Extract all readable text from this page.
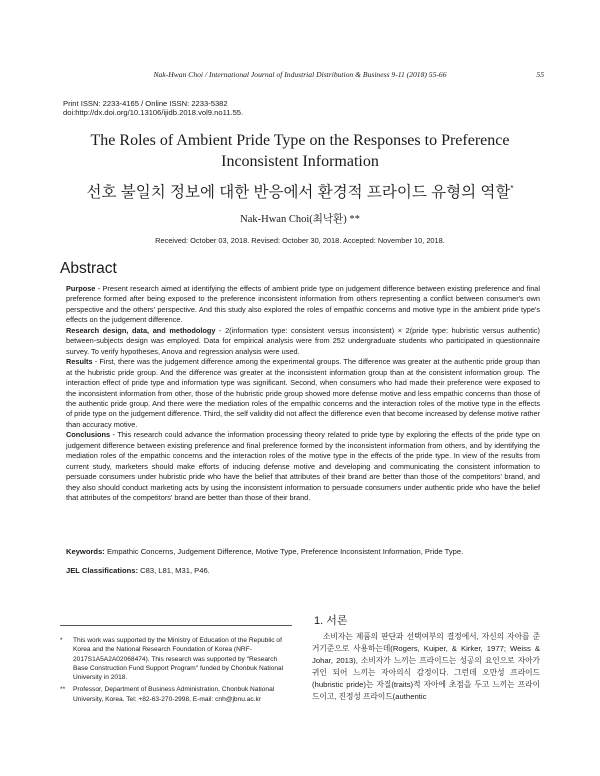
Nak-Hwan Choi / International Journal of Industrial Distribution & Business 9-11 (2018) 55-66	55
Print ISSN: 2233-4165 / Online ISSN: 2233-5382
doi:http://dx.doi.org/10.13106/ijidb.2018.vol9.no11.55.
The Roles of Ambient Pride Type on the Responses to Preference
Inconsistent Information
선호 불일치 정보에 대한 반응에서 환경적 프라이드 유형의 역할*
Nak-Hwan Choi(최낙환) **
Received: October 03, 2018. Revised: October 30, 2018. Accepted: November 10, 2018.
Abstract

Purpose - Present research aimed at identifying the effects of ambient pride type on judgement difference between existing preference and final preference formed after being exposed to the preference inconsistent information from others representing a conflict between consumer's own perspective and the others' perspective. And this study also explored the roles of empathic concerns and motive type in the ambient pride type's effects on the judgement difference.

Research design, data, and methodology - 2(information type: consistent versus inconsistent) × 2(pride type: hubristic versus authentic) between-subjects design was employed. Data for empirical analysis were from 252 undergraduate students who participated in questionnaire survey. To verify hypotheses, Anova and regression analysis were used.

Results - First, there was the judgement difference among the experimental groups. The difference was greater at the authentic pride group than at the hubristic pride group. And the difference was greater at the inconsistent information group than at the consistent information group. The interaction effect of pride type and information type was significant. Second, when consumers who had made their preference were exposed to the inconsistent information from other, those of the hubristic pride group showed more defense motive and less empathic concerns than those of the authentic pride group. And there were the mediation roles of the empathic concerns and the interaction roles of the motive type in the effects of pride type on the judgement difference. Third, the self validity did not affect the difference even that become increased by defense motive rather than accuracy motive.

Conclusions - This research could advance the information processing theory related to pride type by exploring the effects of the pride type on judgement difference between existing preference and final preference formed by the inconsistent information from others, and by identifying the mediation roles of the empathic concerns and the interaction roles of the motive type in the effects of the pride type. In view of the results from current study, marketers should make efforts of inducing defense motive and developing and communicating the consistent information to persuade consumers under hubristic pride who have the belief that attributes of their brand are better than those of the competitors' brand, and they also should conduct marketing acts by using the inconsistent information to persuade consumers under authentic pride who have the belief that attributes of the competitors' brand are better than those of their brand.

Keywords: Empathic Concerns, Judgement Difference, Motive Type, Preference Inconsistent Information, Pride Type.
JEL Classifications: C83, L81, M31, P46.
* This work was supported by the Ministry of Education of the Republic of Korea and the National Research Foundation of Korea (NRF-2017S1A5A2A02068474). This research was supported by "Research Base Construction Fund Support Program" funded by Chonbuk National University in 2018.
** Professor, Department of Business Administration, Chonbuk National University, Korea. Tel: +82-63-270-2998, E-mail: cnh@jbnu.ac.kr
1. 서론

소비자는 제품의 판단과 선택여부의 결정에서, 자신의 자아를 준거기준으로 사용하는데(Rogers, Kuiper, & Kirker, 1977; Weiss & Johar, 2013), 소비자가 느끼는 프라이드는 성공의 요인으로 자아가 귀인 되어 느끼는 자아의식 감정이다. 그런데 오만성 프라이드(hubristic pride)는 자질(traits)적 자아에 초점을 두고 느끼는 프라이드이고, 진정성 프라이드(authentic
